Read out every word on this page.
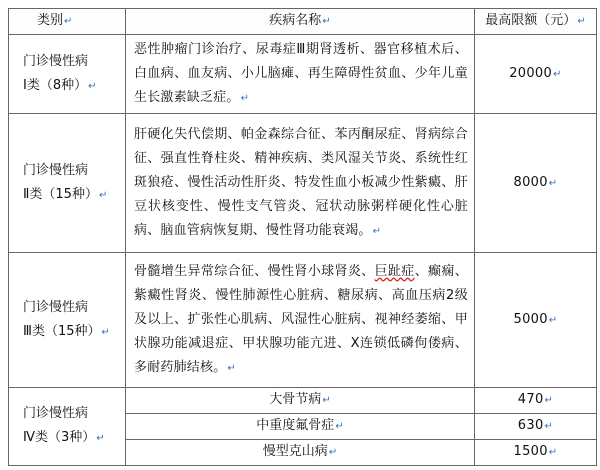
类别↵	疾病名称↵	最高限额（元）↵

门诊慢性病
Ⅰ类（8种）↵	恶性肿瘤门诊治疗、尿毒症Ⅲ期肾透析、器官移植术后、白血病、血友病、小儿脑瘫、再生障碍性贫血、少年儿童生长激素缺乏症。↵	20000↵

门诊慢性病
Ⅱ类（15种）↵	肝硬化失代偿期、帕金森综合征、苯丙酮尿症、肾病综合征、强直性脊柱炎、精神疾病、类风湿关节炎、系统性红斑狼疮、慢性活动性肝炎、特发性血小板减少性紫癜、肝豆状核变性、慢性支气管炎、冠状动脉粥样硬化性心脏病、脑血管病恢复期、慢性肾功能衰竭。↵	8000↵

门诊慢性病
Ⅲ类（15种）↵	骨髓增生异常综合征、慢性肾小球肾炎、巨趾症、癫痫、紫癜性肾炎、慢性肺源性心脏病、糖尿病、高血压病2级及以上、扩张性心肌病、风湿性心脏病、视神经萎缩、甲状腺功能减退症、甲状腺功能亢进、X连锁低磷佝偻病、多耐药肺结核。↵	5000↵

门诊慢性病
Ⅳ类（3种）↵	大骨节病↵	470↵
	中重度氟骨症↵	630↵
	慢型克山病↵	1500↵
